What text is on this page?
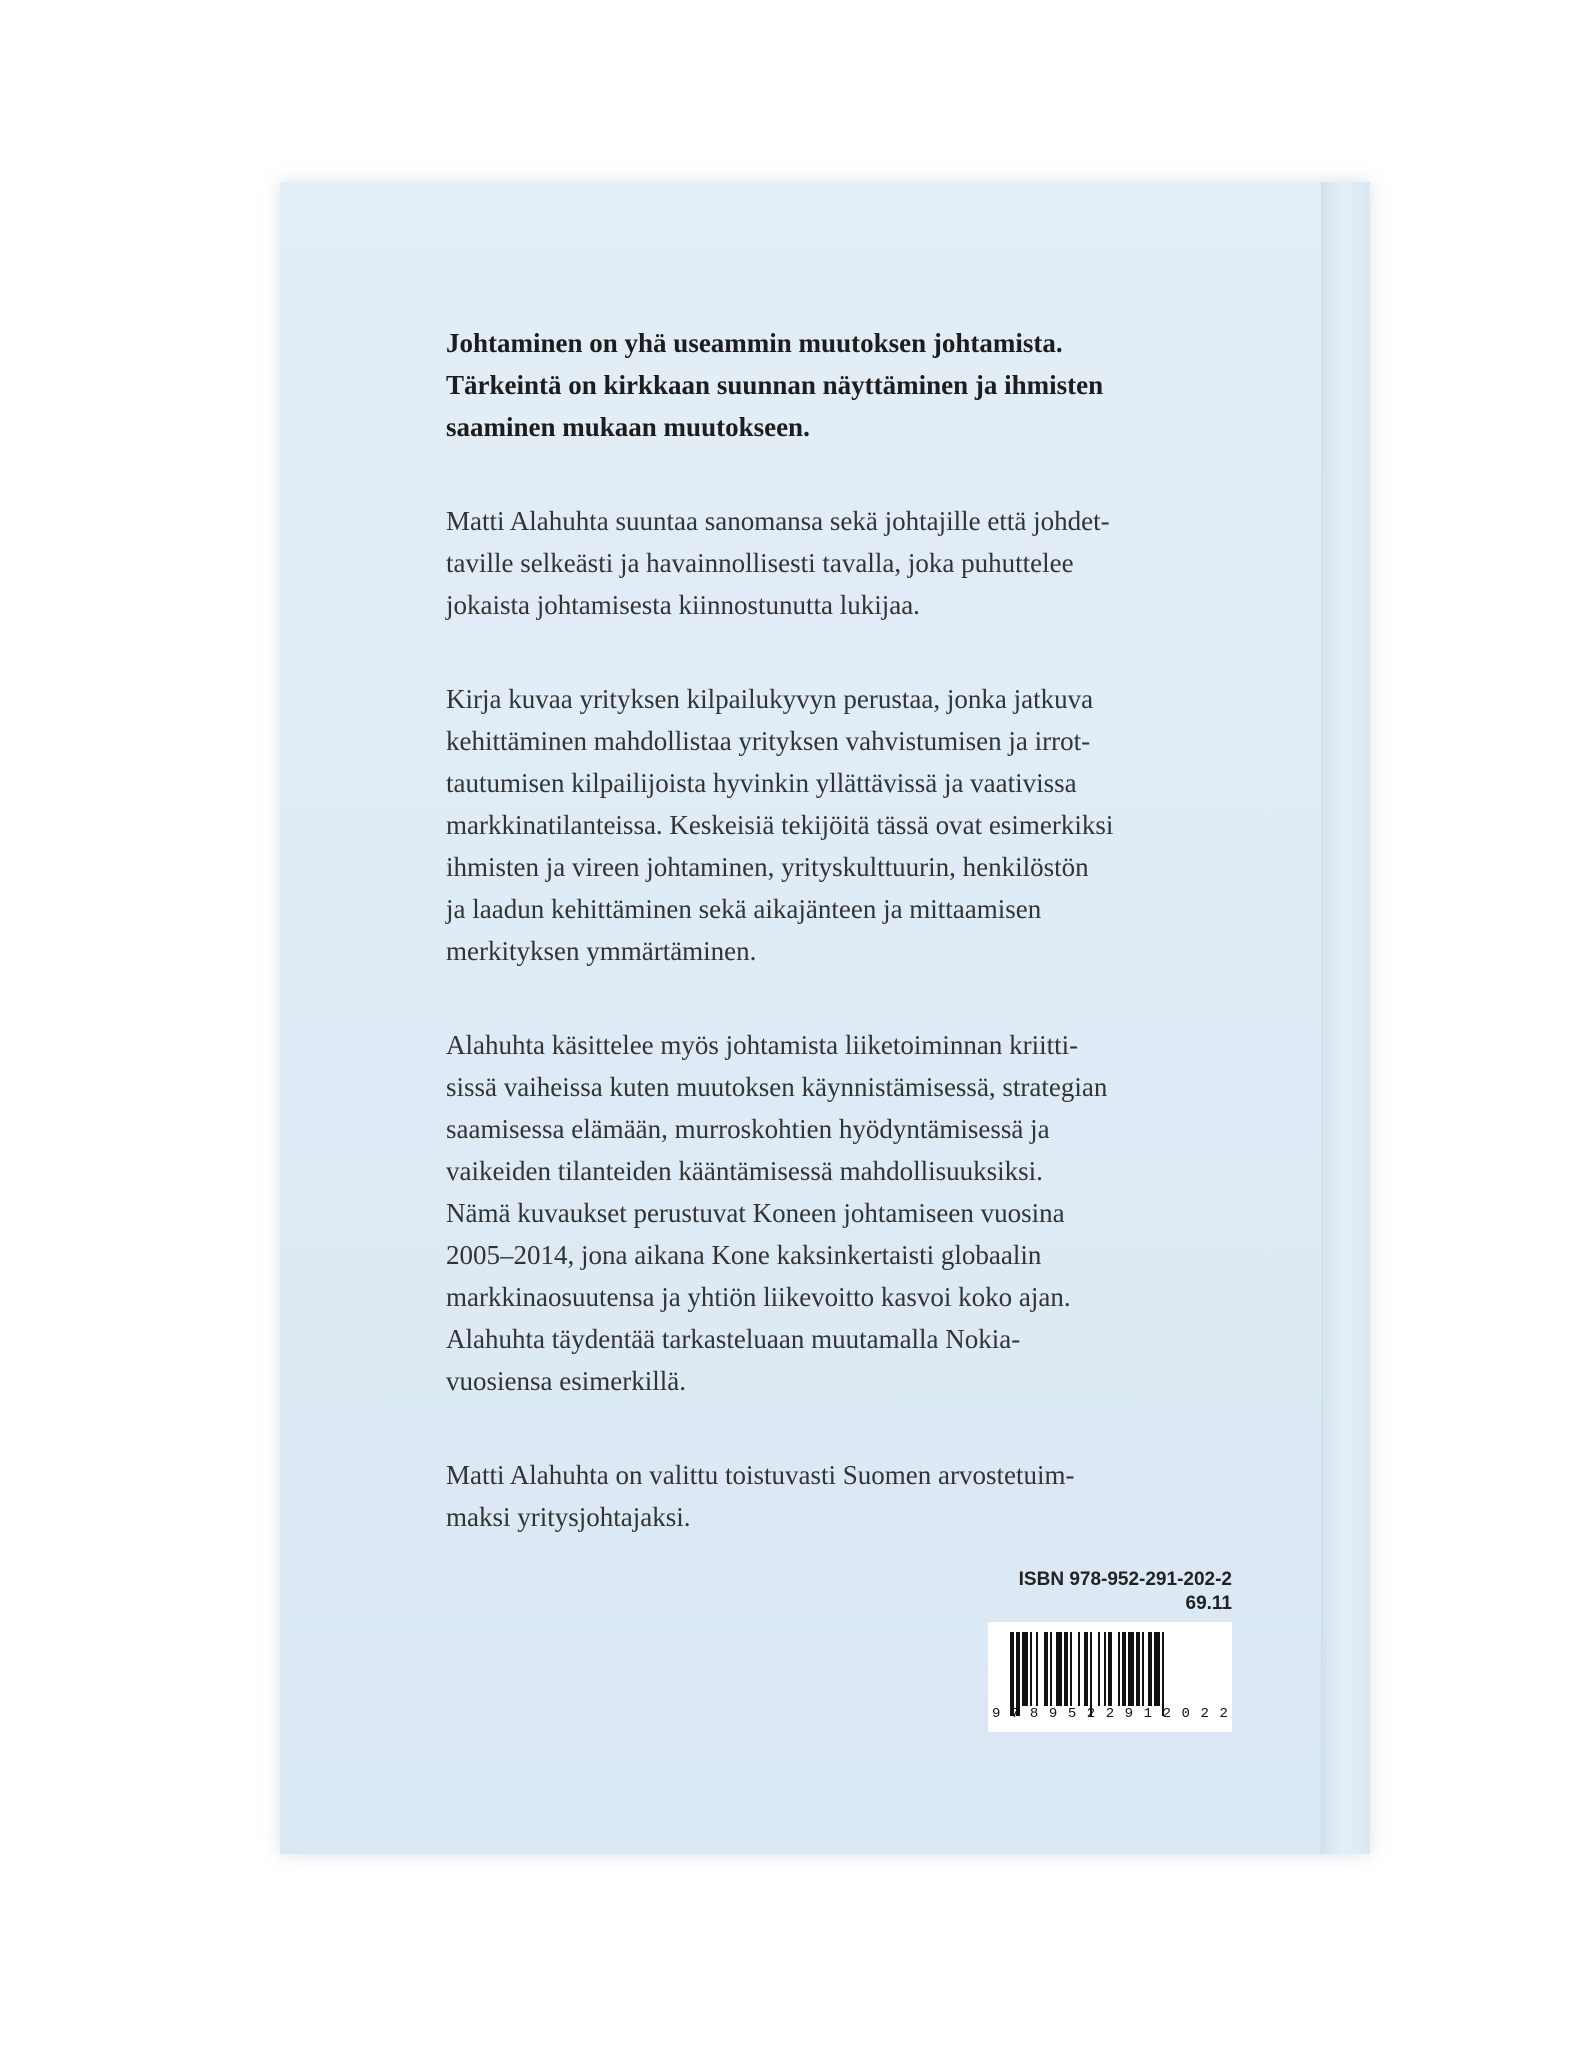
Johtaminen on yhä useammin muutoksen johtamista.
Tärkeintä on kirkkaan suunnan näyttäminen ja ihmisten
saaminen mukaan muutokseen.

Matti Alahuhta suuntaa sanomansa sekä johtajille että johdet-
taville selkeästi ja havainnollisesti tavalla, joka puhuttelee
jokaista johtamisesta kiinnostunutta lukijaa.

Kirja kuvaa yrityksen kilpailukyvyn perustaa, jonka jatkuva
kehittäminen mahdollistaa yrityksen vahvistumisen ja irrot-
tautumisen kilpailijoista hyvinkin yllättävissä ja vaativissa
markkinatilanteissa. Keskeisiä tekijöitä tässä ovat esimerkiksi
ihmisten ja vireen johtaminen, yrityskulttuurin, henkilöstön
ja laadun kehittäminen sekä aikajänteen ja mittaamisen
merkityksen ymmärtäminen.

Alahuhta käsittelee myös johtamista liiketoiminnan kriitti-
sissä vaiheissa kuten muutoksen käynnistämisessä, strategian
saamisessa elämään, murroskohtien hyödyntämisessä ja
vaikeiden tilanteiden kääntämisessä mahdollisuuksiksi.
Nämä kuvaukset perustuvat Koneen johtamiseen vuosina
2005–2014, jona aikana Kone kaksinkertaisti globaalin
markkinaosuutensa ja yhtiön liikevoitto kasvoi koko ajan.
Alahuhta täydentää tarkasteluaan muutamalla Nokia-
vuosiensa esimerkillä.

Matti Alahuhta on valittu toistuvasti Suomen arvostetuim-
maksi yritysjohtajaksi.

ISBN 978-952-291-202-2
69.11
9 7 8 9 5 2 2 9 1 2 0 2 2
